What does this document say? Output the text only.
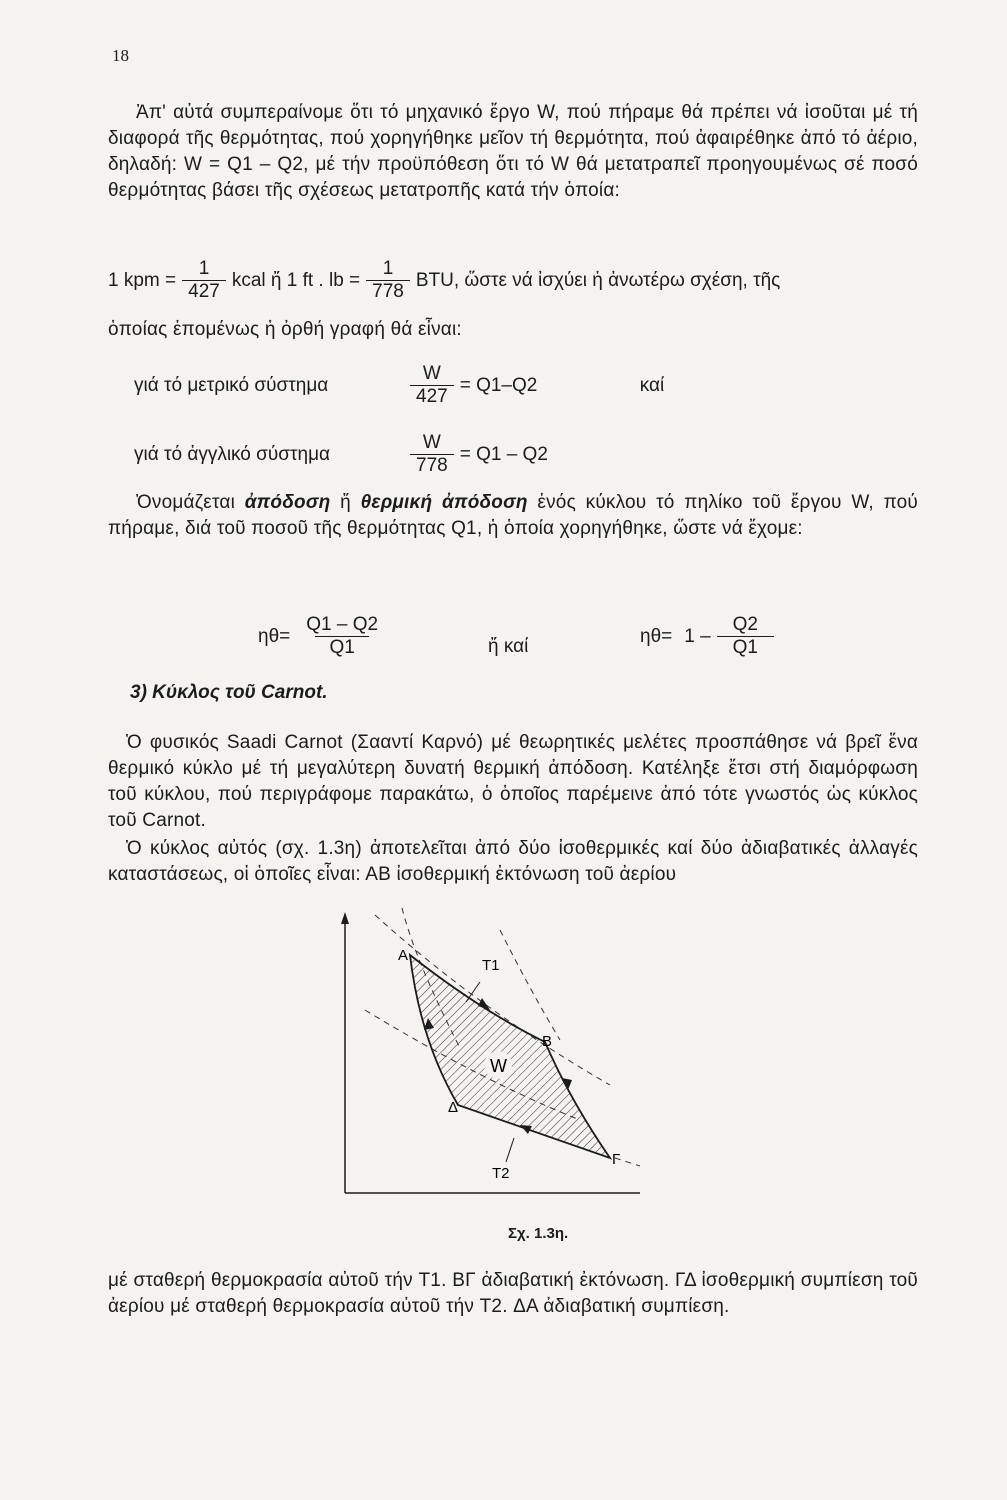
18
Ἀπ' αὐτά συμπεραίνομε ὅτι τό μηχανικό ἔργο W, πού πήραμε θά πρέπει νά ἰσοῦται μέ τή διαφορά τῆς θερμότητας, πού χορηγήθηκε μεῖον τή θερμότητα, πού ἀφαιρέθηκε ἀπό τό ἀέριο, δηλαδή: W = Q1 – Q2, μέ τήν προϋπόθεση ὅτι τό W θά μετατραπεῖ προηγουμένως σέ ποσό θερμότητας βάσει τῆς σχέσεως μετατροπῆς κατά τήν ὁποία:
1 kpm = $\frac{1}{427}$ kcal ἤ 1 ft . lb = $\frac{1}{778}$ BTU, ὥστε νά ἰσχύει ἡ ἀνωτέρω σχέση, τῆς
ὁποίας ἐπομένως ἡ ὀρθή γραφή θά εἶναι:
γιά τό μετρικό σύστημα	$\frac{W}{427} = Q1-Q2$	καί
γιά τό ἀγγλικό σύστημα	$\frac{W}{778} = Q1 - Q2$
Ὀνομάζεται ἀπόδοση ἤ θερμική ἀπόδοση ἑνός κύκλου τό πηλίκο τοῦ ἔργου W, πού πήραμε, διά τοῦ ποσοῦ τῆς θερμότητας Q1, ἡ ὁποία χορηγήθηκε, ὥστε νά ἔχομε:
$\eta\theta= \frac{Q1 - Q2}{Q1}$	ἤ καί	$\eta\theta= 1 - \frac{Q2}{Q1}$
3) Κύκλος τοῦ Carnot.
Ὁ φυσικός Saadi Carnot (Σααντί Καρνό) μέ θεωρητικές μελέτες προσπάθησε νά βρεῖ ἕνα θερμικό κύκλο μέ τή μεγαλύτερη δυνατή θερμική ἀπόδοση. Κατέληξε ἔτσι στή διαμόρφωση τοῦ κύκλου, πού περιγράφομε παρακάτω, ὁ ὁποῖος παρέμεινε ἀπό τότε γνωστός ὡς κύκλος τοῦ Carnot.
Ὁ κύκλος αὐτός (σχ. 1.3η) ἀποτελεῖται ἀπό δύο ἰσοθερμικές καί δύο ἀδιαβατικές ἀλλαγές καταστάσεως, οἱ ὁποῖες εἶναι: ΑΒ ἰσοθερμική ἐκτόνωση τοῦ ἀερίου
W
Α
Β
Γ
Δ
T1
T2
Σχ. 1.3η.
μέ σταθερή θερμοκρασία αὐτοῦ τήν T1. ΒΓ ἀδιαβατική ἐκτόνωση. ΓΔ ἰσοθερμική συμπίεση τοῦ ἀερίου μέ σταθερή θερμοκρασία αὐτοῦ τήν T2. ΔΑ ἀδιαβατική συμπίεση.
